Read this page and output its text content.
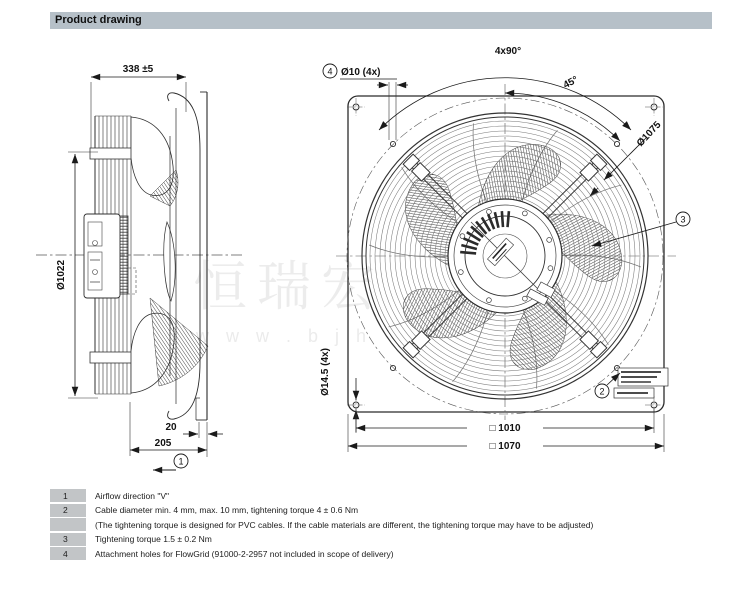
Product drawing
恒瑞宏
w w w . b j h
338 ±5
Ø1022
20
205
1
4 Ø10 (4x)
4x90°
45°
Ø1075
Ø14.5 (4x)
□ 1010
□ 1070
3
2
1	Airflow direction "V"
2	Cable diameter min. 4 mm, max. 10 mm, tightening torque 4 ± 0.6 Nm
(The tightening torque is designed for PVC cables. If the cable materials are different, the tightening torque may have to be adjusted)
3	Tightening torque 1.5 ± 0.2 Nm
4	Attachment holes for FlowGrid (91000-2-2957 not included in scope of delivery)
